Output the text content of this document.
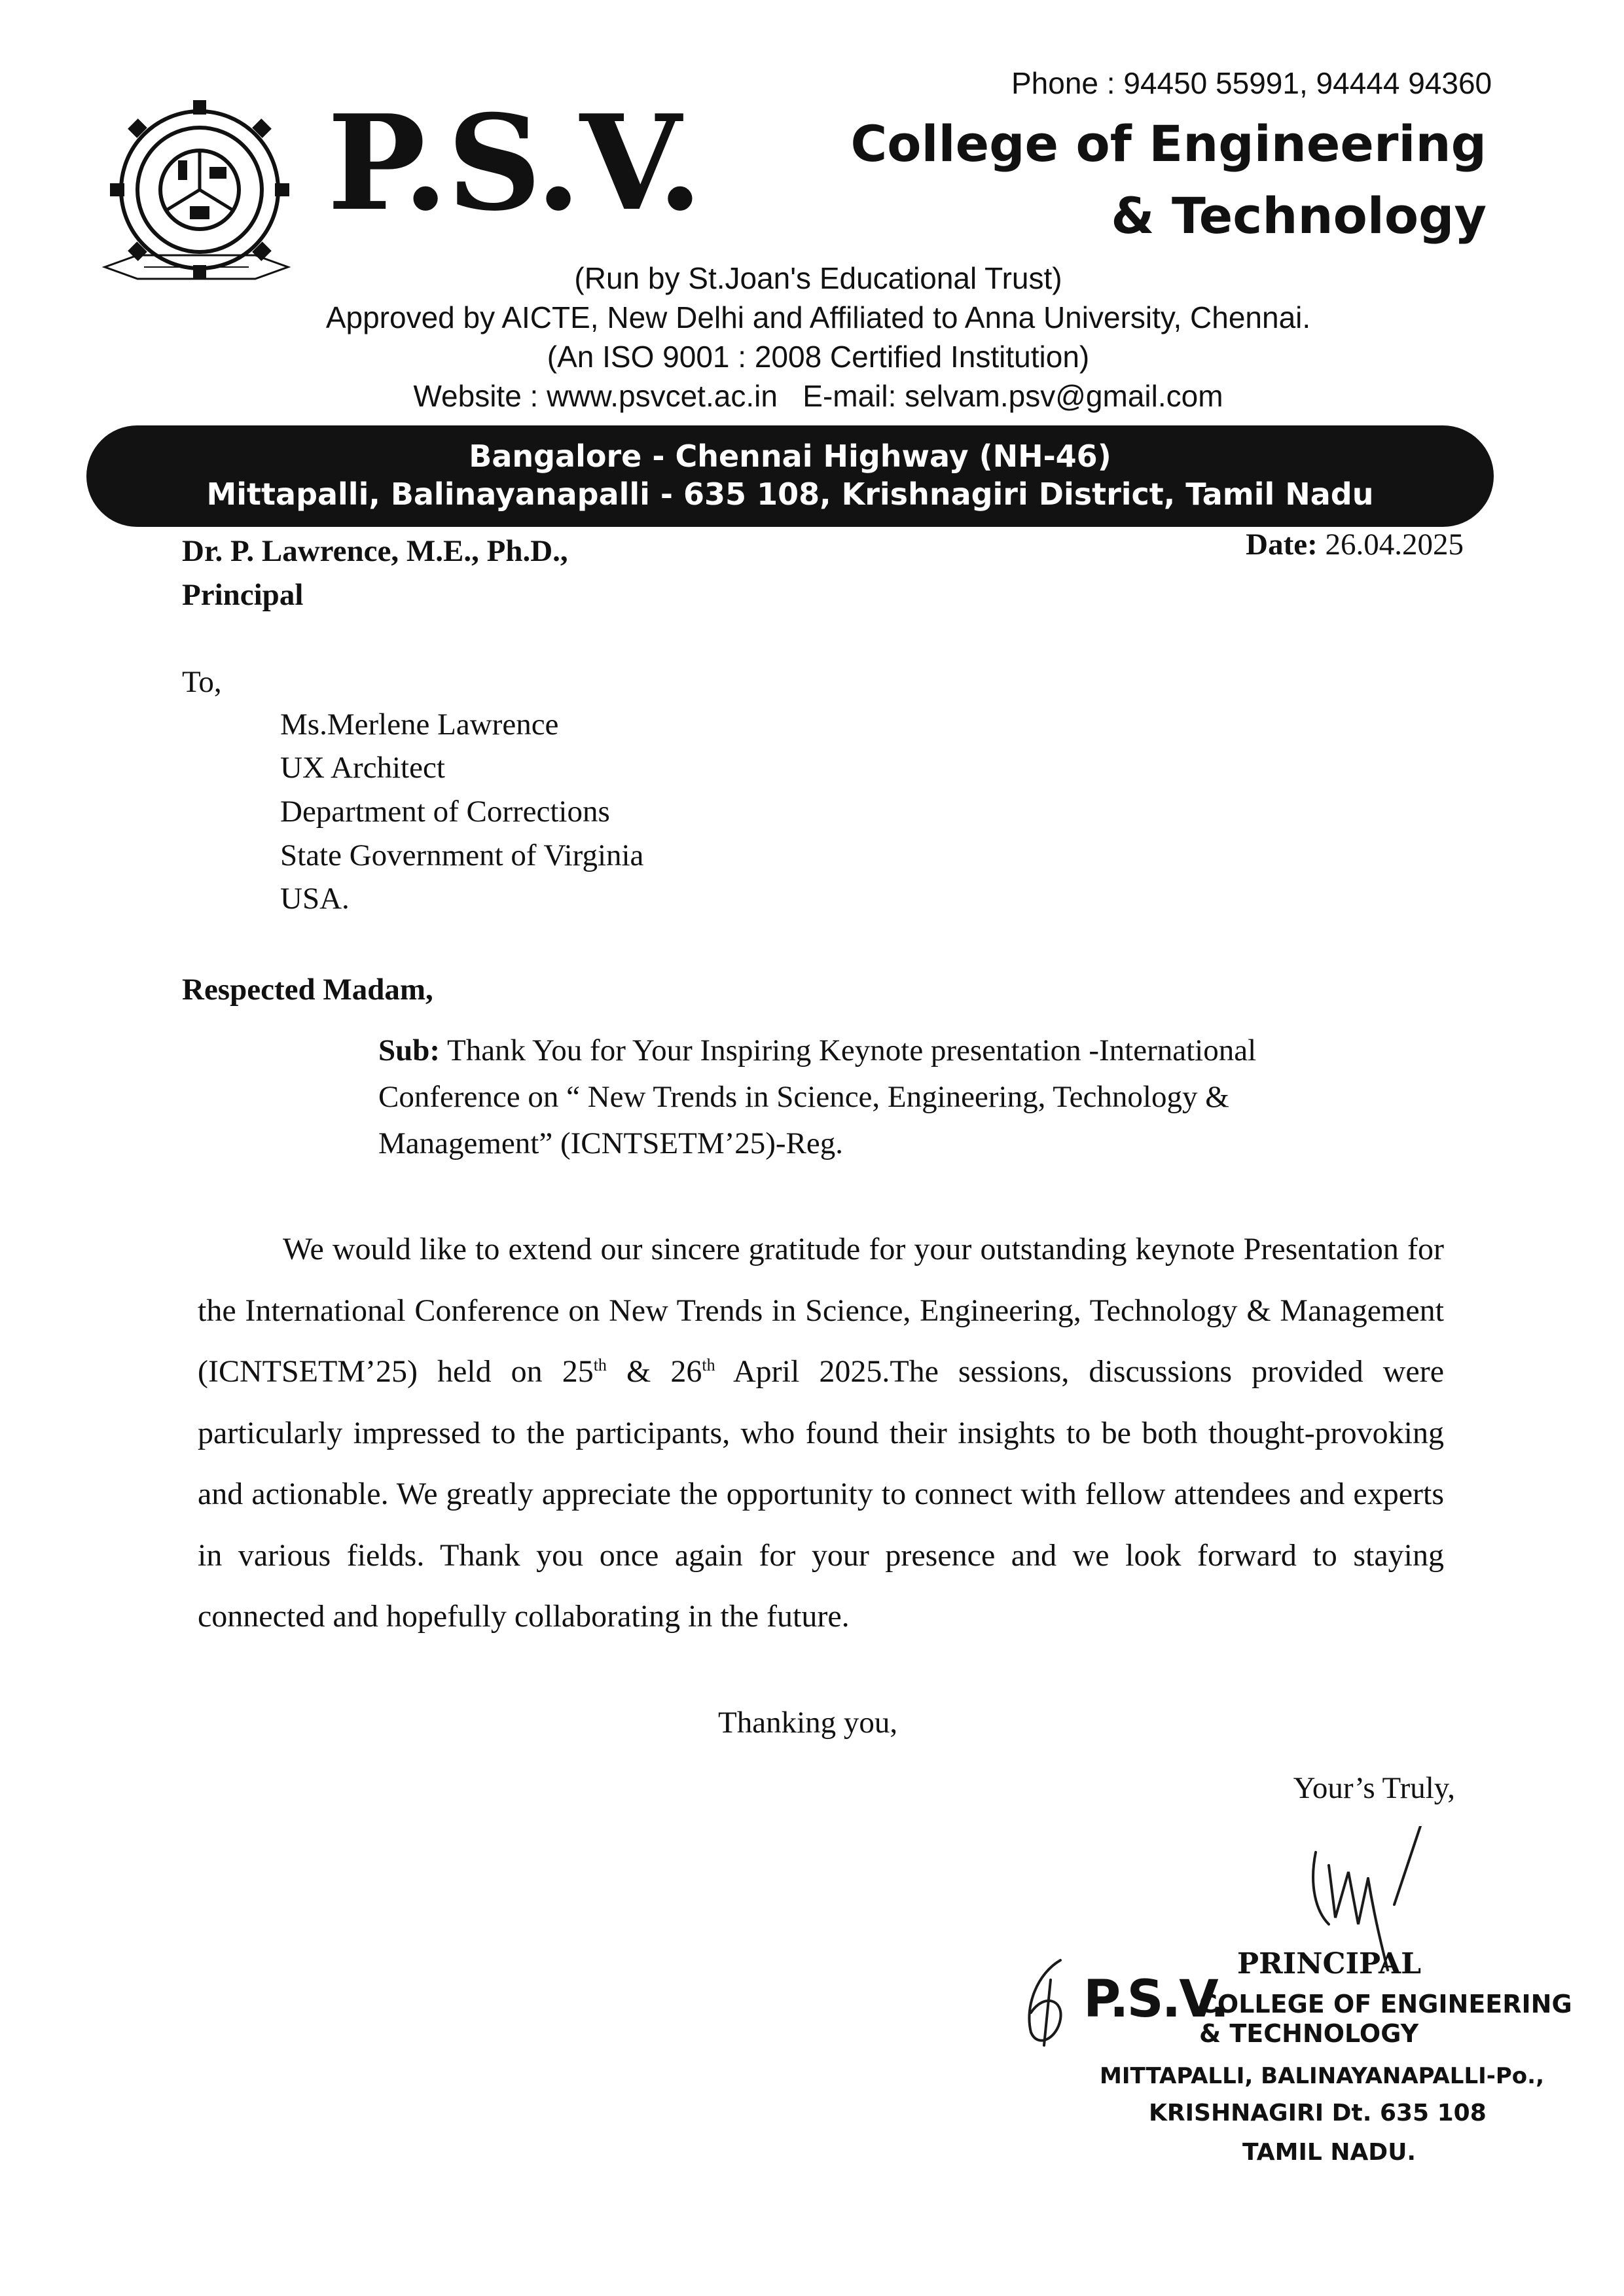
Phone : 94450 55991, 94444 94360
P.S.V.	College of Engineering
& Technology
(Run by St.Joan's Educational Trust)
Approved by AICTE, New Delhi and Affiliated to Anna University, Chennai.
(An ISO 9001 : 2008 Certified Institution)
Website : www.psvcet.ac.in E-mail: selvam.psv@gmail.com
Bangalore - Chennai Highway (NH-46)
Mittapalli, Balinayanapalli - 635 108, Krishnagiri District, Tamil Nadu
Dr. P. Lawrence, M.E., Ph.D.,
Principal
Date: 26.04.2025
To,
Ms.Merlene Lawrence
UX Architect
Department of Corrections
State Government of Virginia
USA.
Respected Madam,
Sub: Thank You for Your Inspiring Keynote presentation -International Conference on “ New Trends in Science, Engineering, Technology & Management” (ICNTSETM’25)-Reg.
We would like to extend our sincere gratitude for your outstanding keynote Presentation for the International Conference on New Trends in Science, Engineering, Technology & Management (ICNTSETM’25) held on 25th & 26th April 2025.The sessions, discussions provided were particularly impressed to the participants, who found their insights to be both thought-provoking and actionable. We greatly appreciate the opportunity to connect with fellow attendees and experts in various fields. Thank you once again for your presence and we look forward to staying connected and hopefully collaborating in the future.
Thanking you,
Your’s Truly,
PRINCIPAL
P.S.V.
COLLEGE OF ENGINEERING
& TECHNOLOGY
MITTAPALLI, BALINAYANAPALLI-Po.,
KRISHNAGIRI Dt. 635 108
TAMIL NADU.
